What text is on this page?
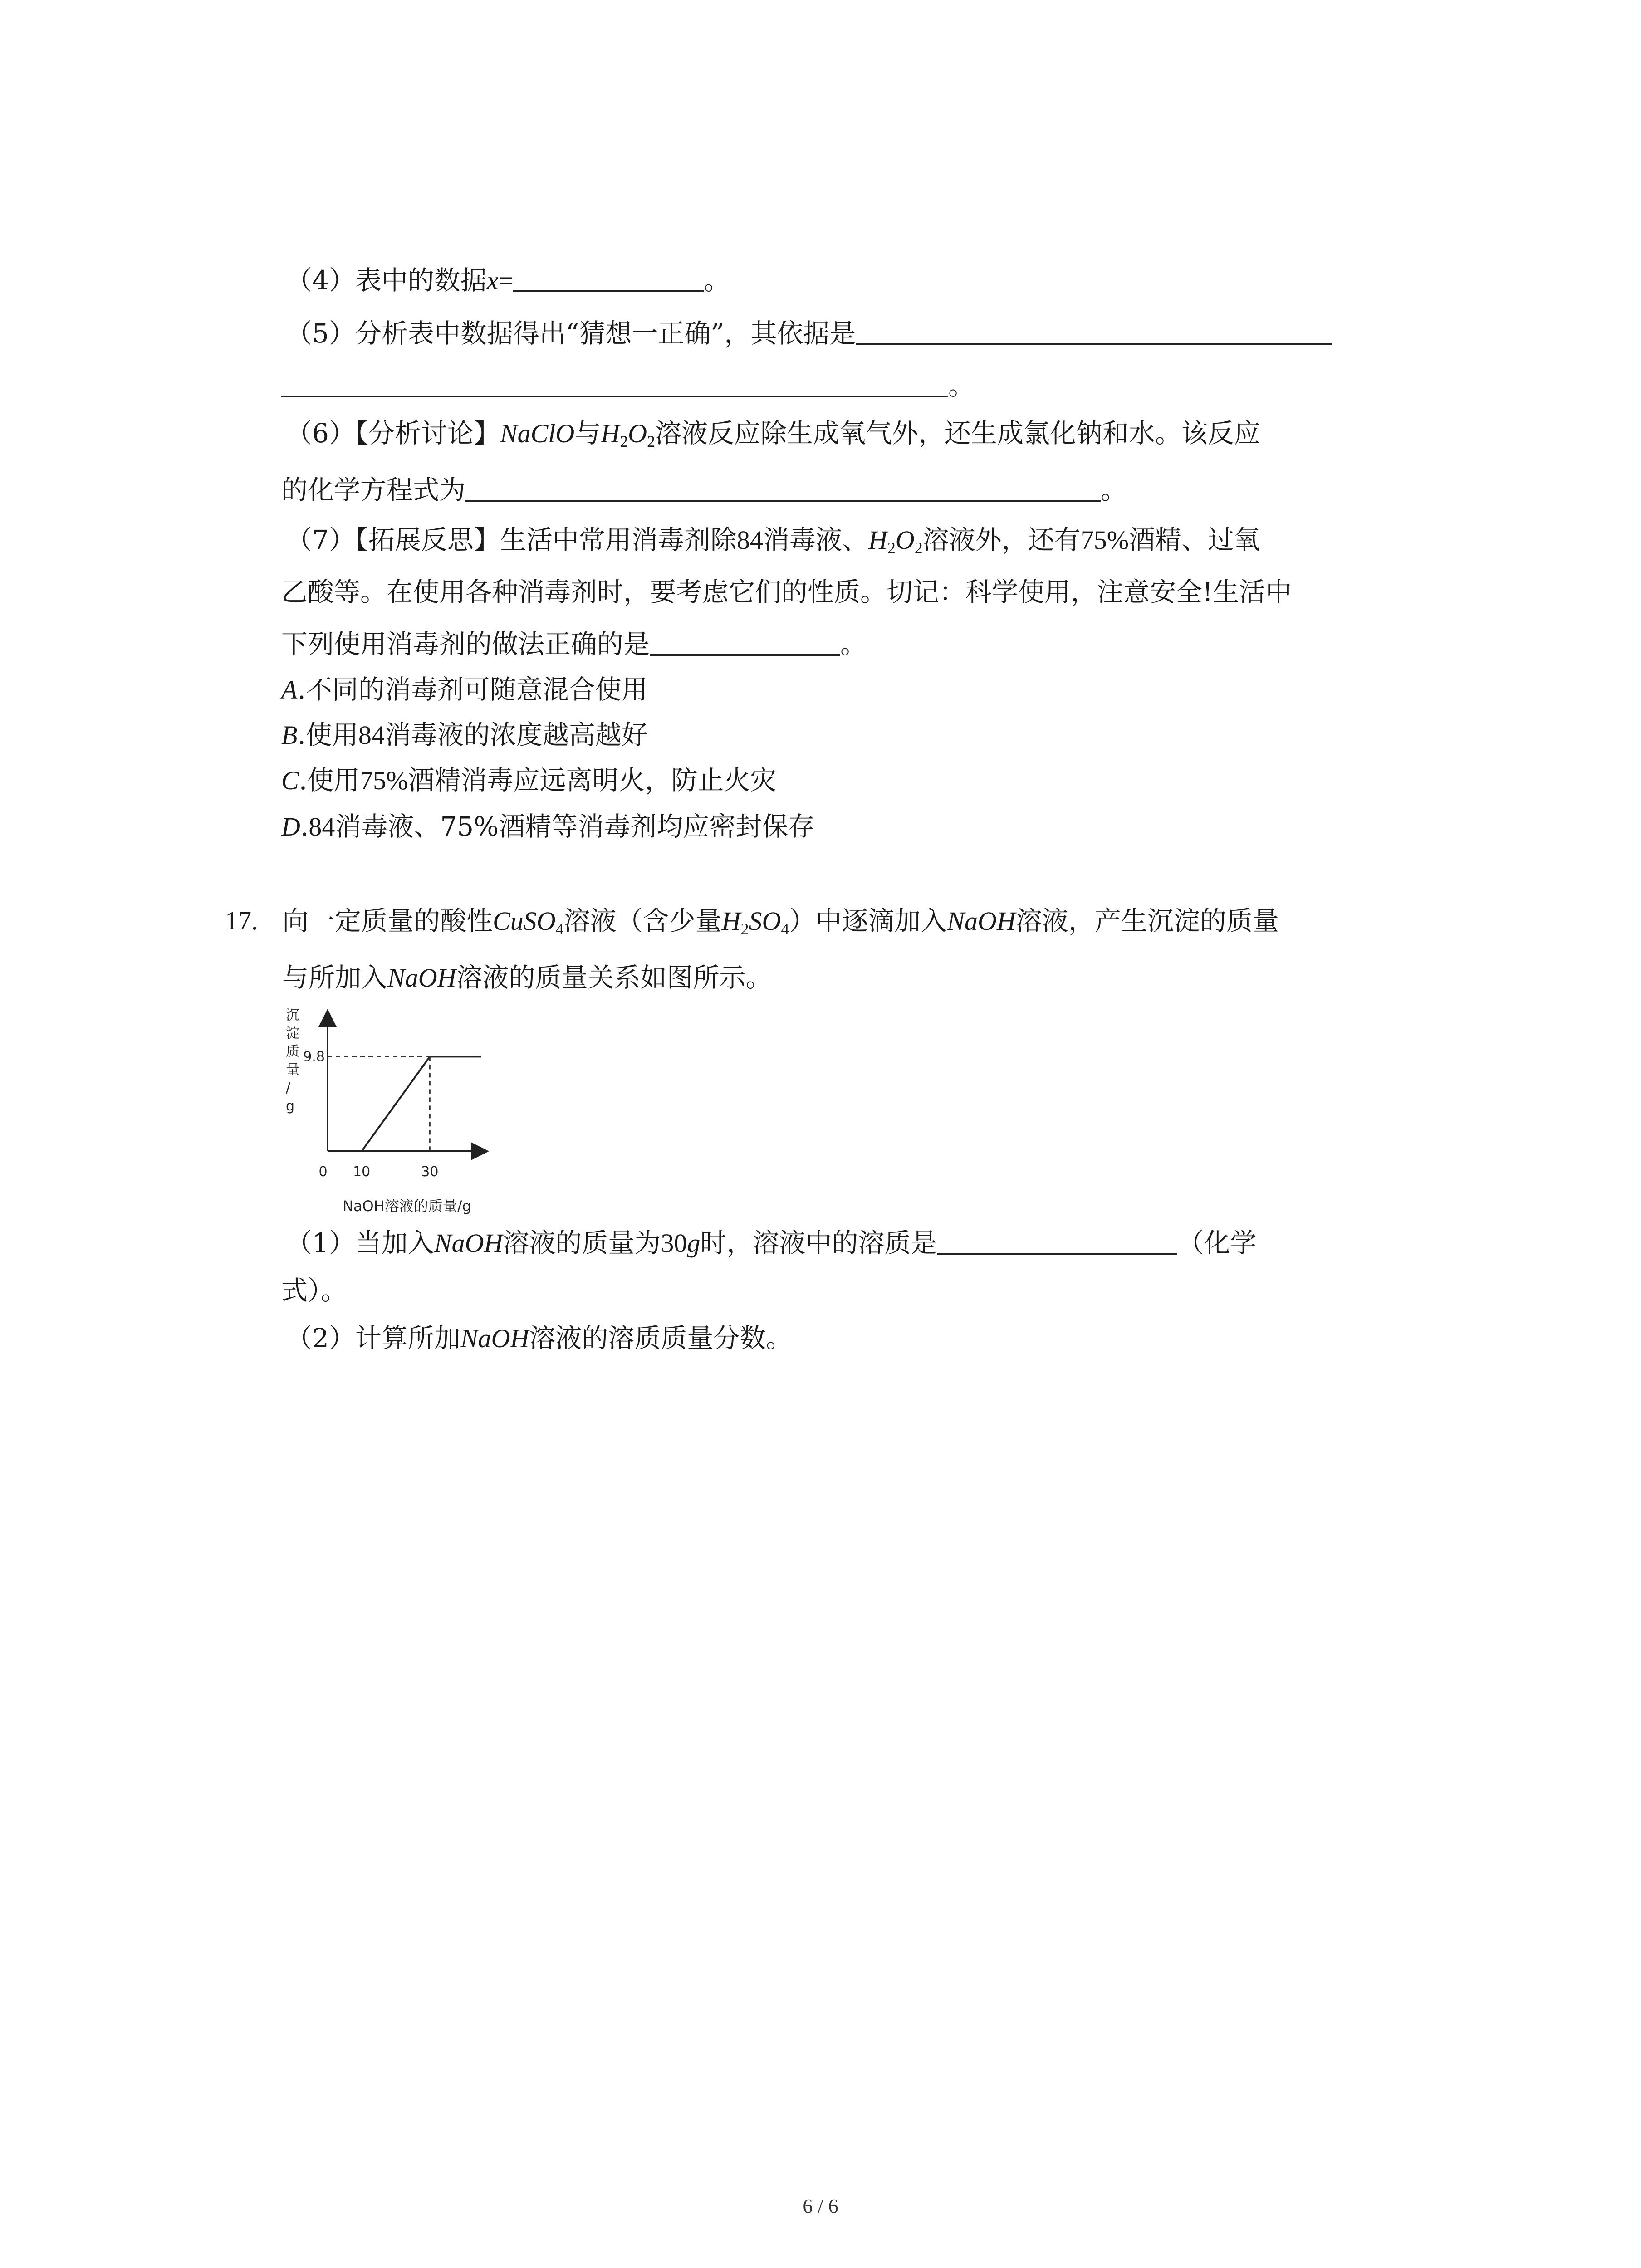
（4）表中的数据x=	。
（5）分析表中数据得出“猜想一正确”，其依据是
。
（6）【分析讨论】NaClO与$H_2O_2$溶液反应除生成氧气外，还生成氯化钠和水。该反应
的化学方程式为	。
（7）【拓展反思】生活中常用消毒剂除84消毒液、$H_2O_2$溶液外，还有75%酒精、过氧
乙酸等。在使用各种消毒剂时，要考虑它们的性质。切记：科学使用，注意安全!生活中
下列使用消毒剂的做法正确的是	。
A.不同的消毒剂可随意混合使用
B.使用84消毒液的浓度越高越好
C.使用75%酒精消毒应远离明火，防止火灾
D.84消毒液、75%酒精等消毒剂均应密封保存
17. 向一定质量的酸性CuSO$_4$溶液（含少量$H_2SO_4$）中逐滴加入NaOH溶液，产生沉淀的质量
与所加入NaOH溶液的质量关系如图所示。
沉淀质量/ g
0 10	30
9.8
NaOH溶液的质量/g
（1）当加入NaOH溶液的质量为30g时，溶液中的溶质是	（化学
式）。
（2）计算所加NaOH溶液的溶质质量分数。
6 / 6
